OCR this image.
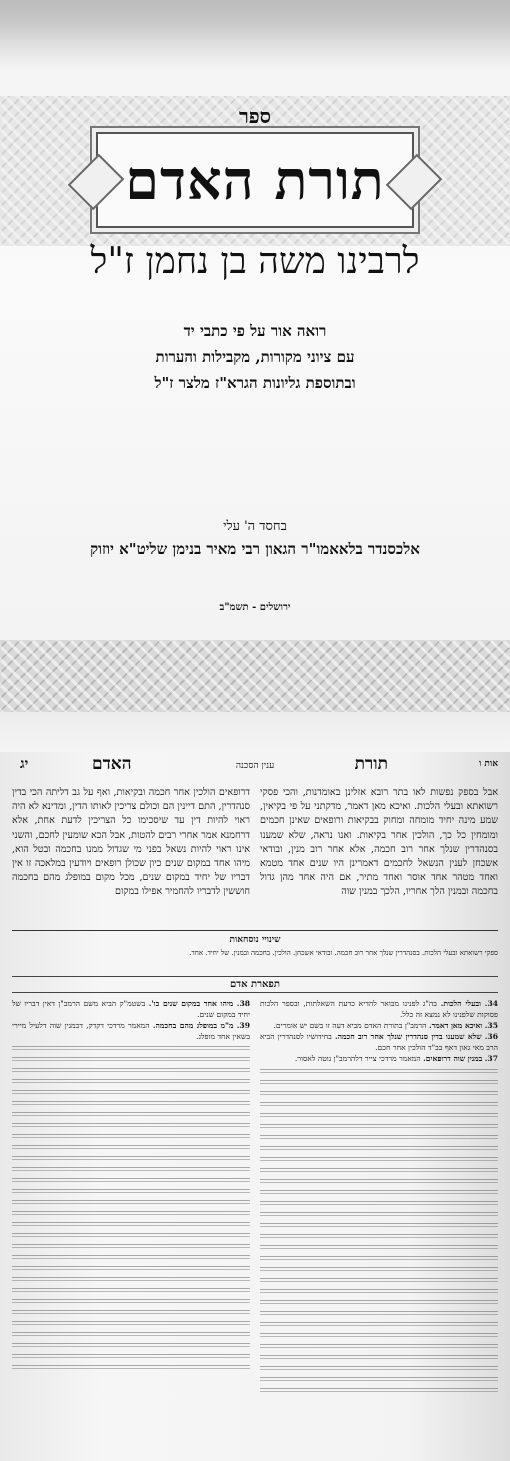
ספר
תורת האדם
לרבינו משה בן נחמן ז"ל
רואה אור על פי כתבי יד
עם ציוני מקורות, מקבילות והערות
ובתוספת גליונות הגרא"ז מלצר ז"ל
בחסד ה' עלי
אלכסנדר בלאאמו"ר הגאון רבי מאיר בנימן שליט"א יוזוק
ירושלים - תשמ"ב
אות ו
תורת
ענין הסכנה
האדם
יג
אבל בספק נפשות לאו בתר רובא אזלינן באומדנות, והכי פסקי רשואתא ובעלי הלכות. ואיכא מאן דאמר, מדקתני על פי בקיאין, שמע מינה יחיד מומחה ומחוק בבקיאות ורופאים שאינן חכמים ומומחין כל כך, הולכין אחר בקיאות. ואנו נראה, שלא שמענו בסנהדרין שנלך אחר רוב חכמה, אלא אחר רוב מנין, ובודאי אשכחן לענין הנשאל לחכמים דאמרינן היו שנים אחד מטמא ואחד מטהר אחד אוסר ואחד מתיר, אם היה אחד מהן גדול בחכמה ובמנין הלך אחריו, הלכך במנין שוה
דרופאים הולכין אחר חכמה ובקיאות, ואף על גב דליתה הכי בדין סנהדרין, התם דיינין הם וכולם צריכין לאותו הדין, ומדינא לא היה ראוי להיות דין עד שיסכימו כל הצריכין לדעת אחת, אלא דרחמנא אמר אחרי רבים להטות, אבל הכא שומעין לחכם, והשני אינו ראוי להיות נשאל בפני מי שגדול ממנו בחכמה ובטל הוא, מיהו אחד במקום שנים כיון שכולן רופאים ויודעין במלאכה זו אין דבריו של יחיד במקום שנים, מכל מקום במופלג מהם בחכמה חוששין לדבריו להחמיר אפילו במקום
שינויי נוסחאות
ספקי רשואתא ובעלי הלכות. בסנהדרין שנלך אחר רוב חכמה. ובודאי אשכחן. הולכין. בחכמה ובמנין. של יחיד. אחד.
תפארת אדם

34. ובעלי הלכות. בה"ג לפנינו מבואר להדיא כדעת השאלתות, ובספר הלכות פסוקות שלפנינו לא נמצא זה כלל.

35. ואיכא מאן דאמר. הרמב"ן בתורת האדם מביא דעה זו בשם יש אומרים.

36. שלא שמענו בדין סנהדרין שנלך אחר רוב חכמה. בחידושיו לסנהדרין הביא הרב מאי גאון דאף בב"ד הולכין אחר חכם.

37. במנין שוה דרופאים. המאמר מרדכי צייר דלהרמב"ן נוטה לאסור.

38. מיהו אחד במקום שנים כו'. בשטמ"ק הביא משם הרמב"ן דאין דבריו של יחיד במקום שנים.

39. מ"מ במופלג מהם בחכמה. המאמר מרדכי דקדק, דבמנין שוה דלעיל מיירי בשאין אחד מופלג.
